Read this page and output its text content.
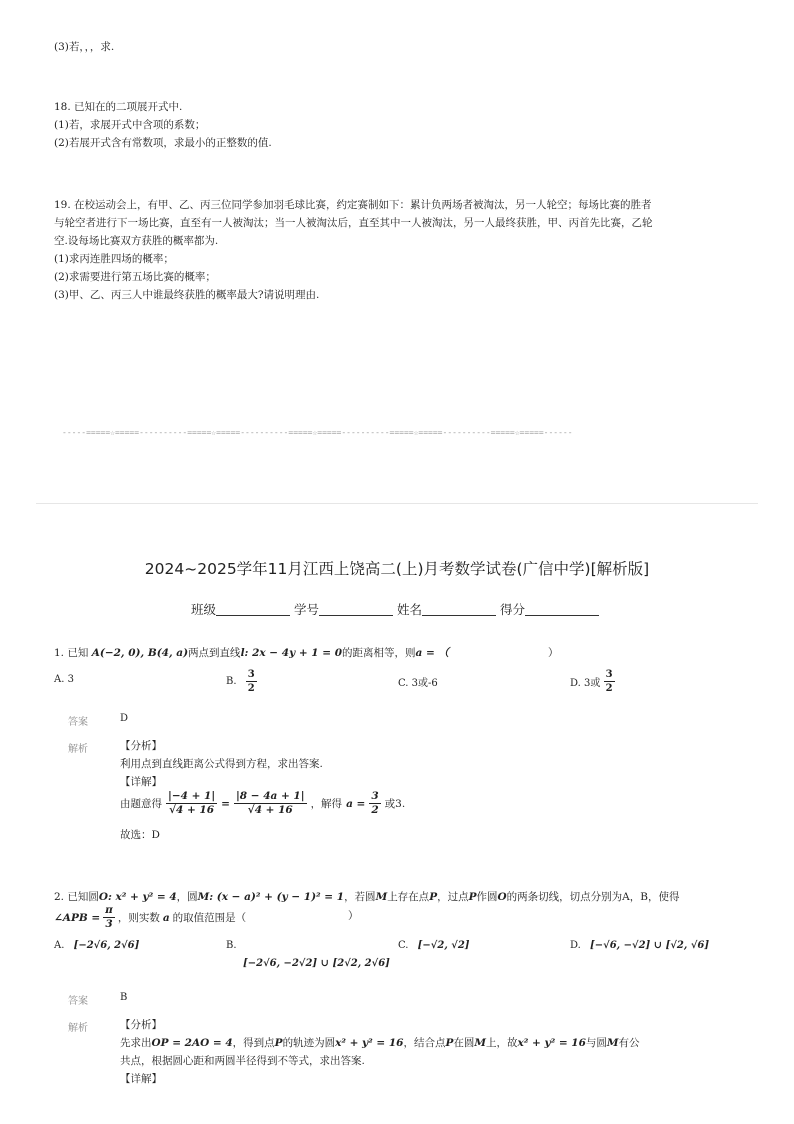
(3)若，，，求.
18. 已知在的二项展开式中.
(1)若，求展开式中含项的系数；
(2)若展开式含有常数项，求最小的正整数的值.
19. 在校运动会上，有甲、乙、丙三位同学参加羽毛球比赛，约定赛制如下：累计负两场者被淘汰，另一人轮空；每场比赛的胜者
与轮空者进行下一场比赛，直至有一人被淘汰；当一人被淘汰后，直至其中一人被淘汰，另一人最终获胜，甲、丙首先比赛，乙轮
空.设每场比赛双方获胜的概率都为.
(1)求丙连胜四场的概率；
(2)求需要进行第五场比赛的概率；
(3)甲、乙、丙三人中谁最终获胜的概率最大?请说明理由.
-----=====☆=====----------=====☆=====----------=====☆=====----------=====☆=====----------=====☆=====------
2024~2025学年11月江西上饶高二(上)月考数学试卷(广信中学)[解析版]
班级	学号	姓名	得分
1. 已知 A(−2, 0), B(4, a)两点到直线l: 2x − 4y + 1 = 0的距离相等，则a = （	）
A. 3	B. $\frac{3}{2}$	C. 3或-6	D. 3或 $\frac{3}{2}$
答案	D
解析	【分析】
利用点到直线距离公式得到方程，求出答案.
【详解】
由题意得 $\frac{|-4 + 1|}{√4 + 16} = \frac{|8 - 4a + 1|}{√4 + 16}$ ，解得 $a = \frac{3}{2}$ 或3.
故选：D
2. 已知圆O: x² + y² = 4，圆M: (x − a)² + (y − 1)² = 1，若圆M上存在点P，过点P作圆O的两条切线，切点分别为A，B，使得
∠APB = $\frac{\pi}{3}$ ，则实数 a 的取值范围是（	）
A. [−2√6, 2√6]	B.
[−2√6, −2√2] ∪ [2√2, 2√6]
C. [−√2, √2]	D. [−√6, −√2] ∪ [√2, √6]
答案	B
解析	【分析】
先求出OP = 2AO = 4，得到点P的轨迹为圆x² + y² = 16，结合点P在圆M上，故x² + y² = 16与圆M有公
共点，根据圆心距和两圆半径得到不等式，求出答案.
【详解】
